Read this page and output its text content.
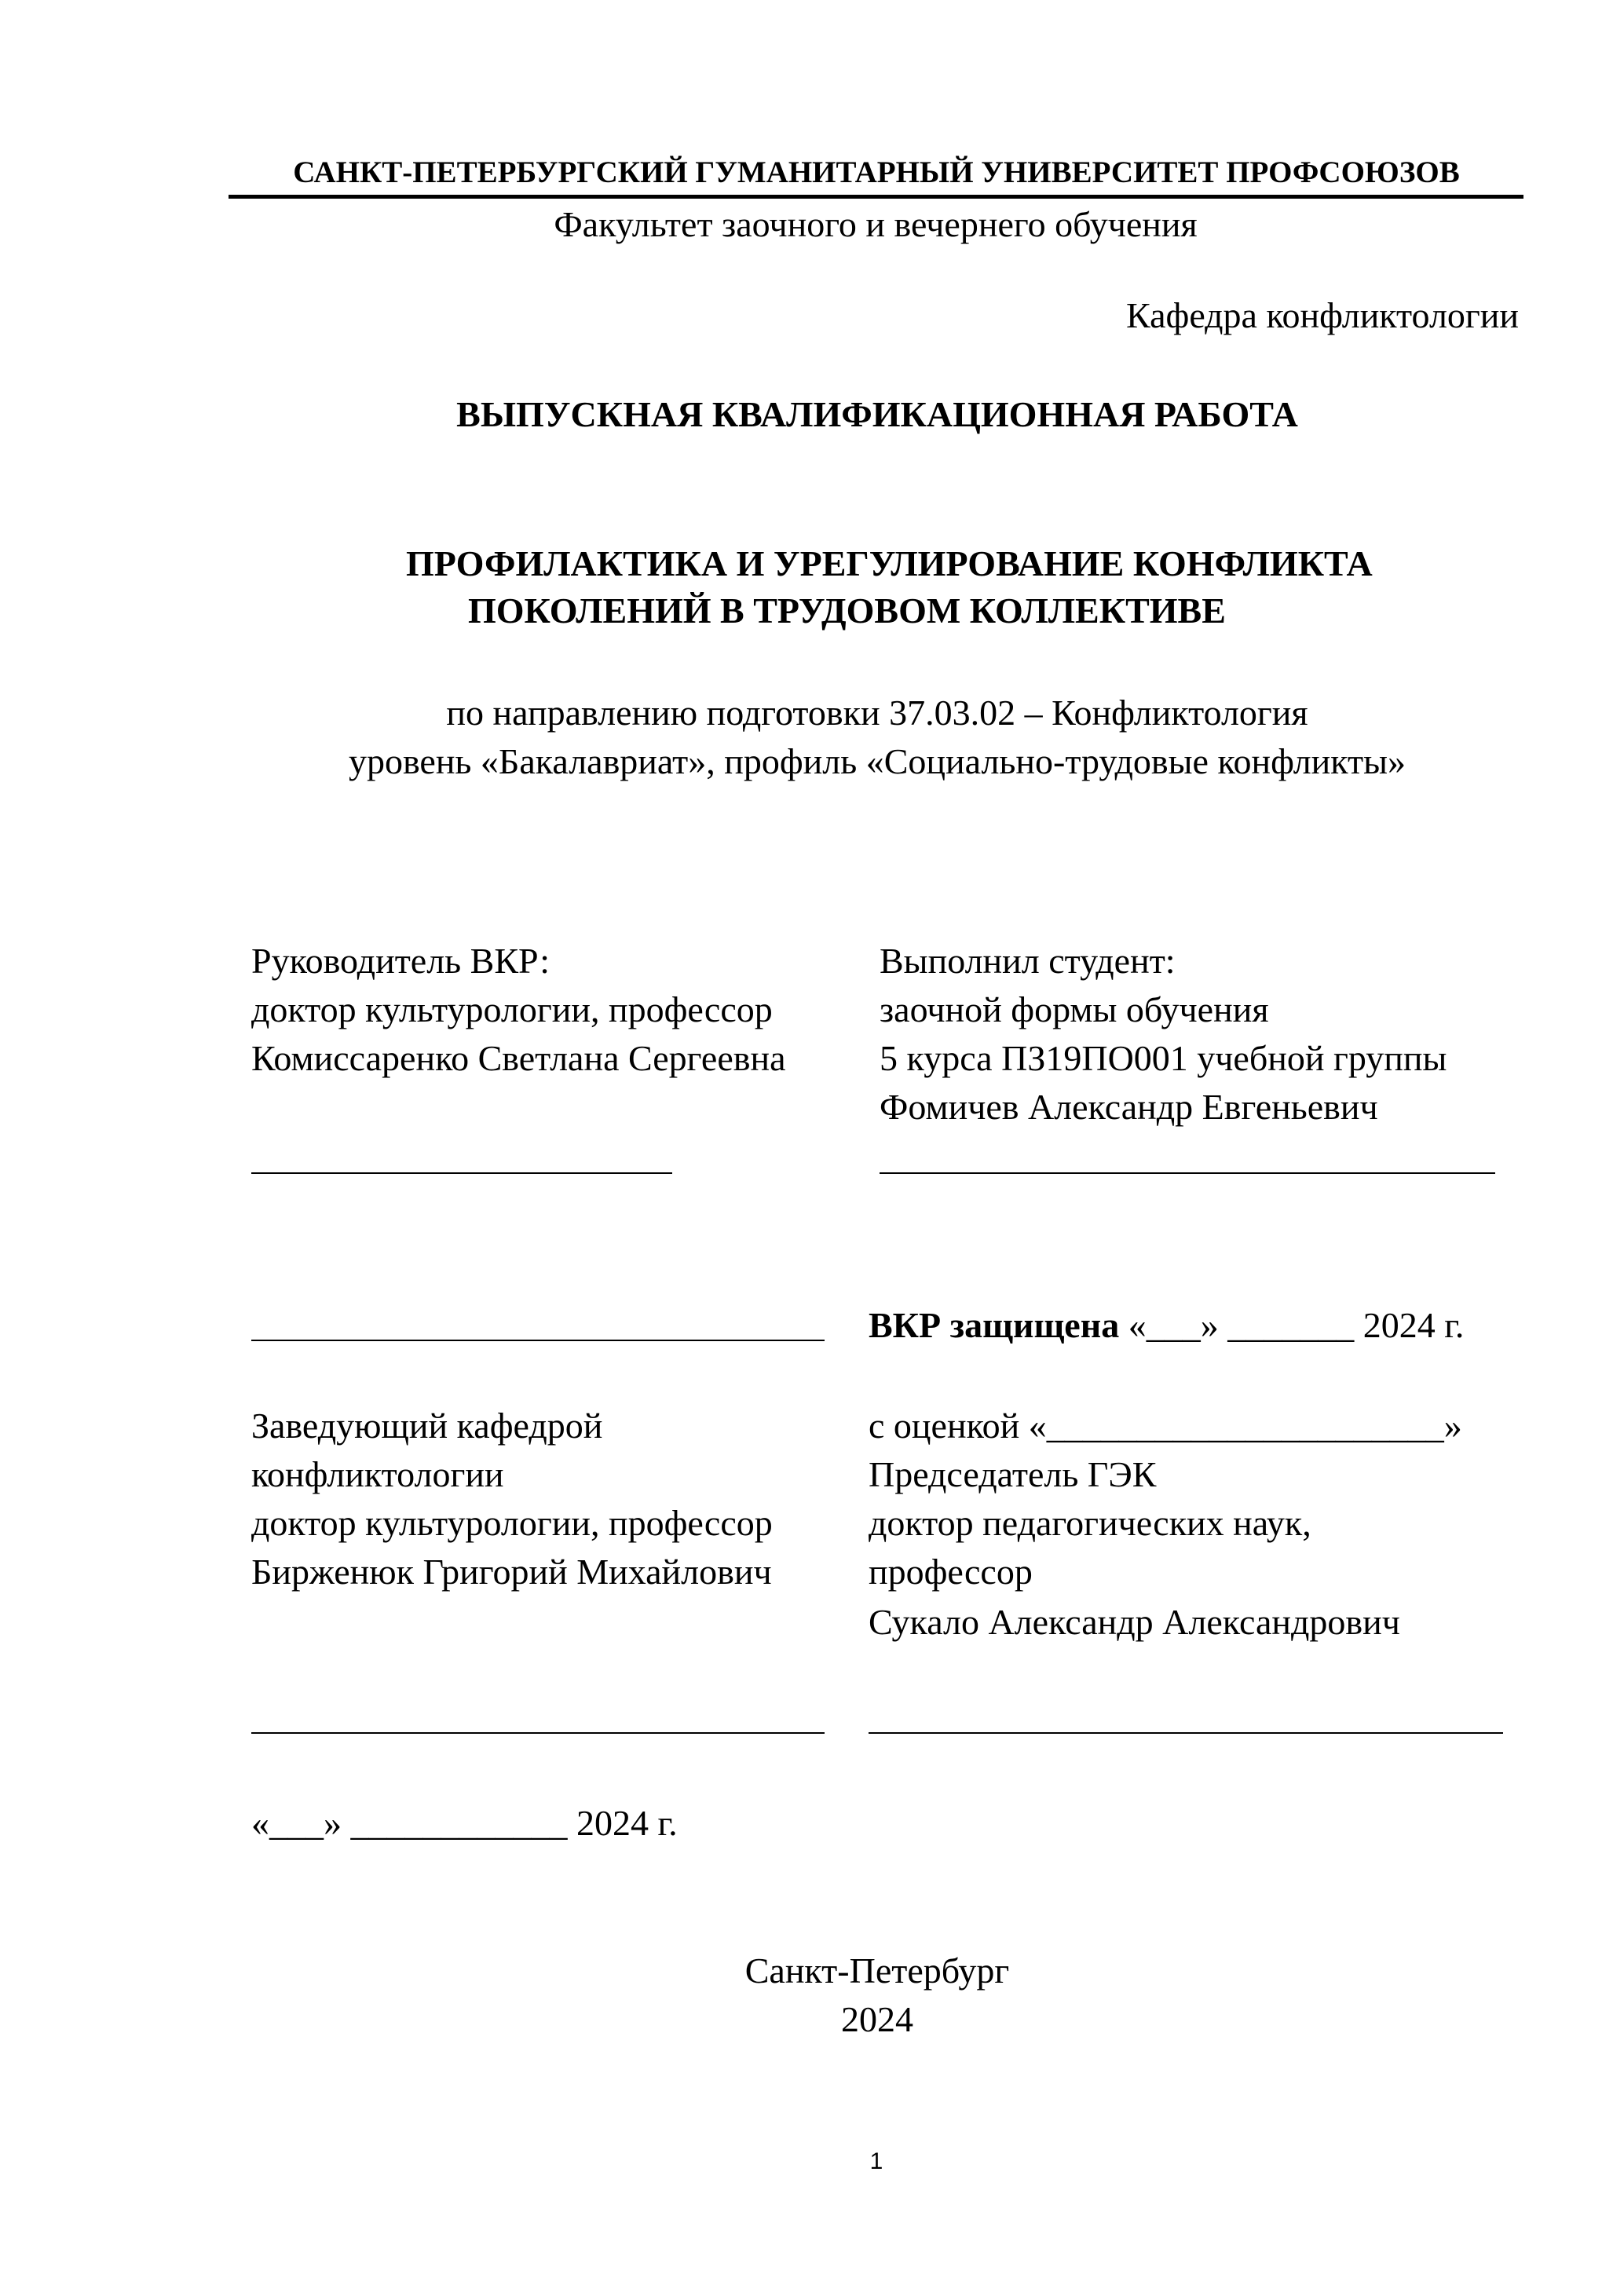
САНКТ-ПЕТЕРБУРГСКИЙ ГУМАНИТАРНЫЙ УНИВЕРСИТЕТ ПРОФСОЮЗОВ
Факультет заочного и вечернего обучения
Кафедра конфликтологии
ВЫПУСКНАЯ КВАЛИФИКАЦИОННАЯ РАБОТА
ПРОФИЛАКТИКА И УРЕГУЛИРОВАНИЕ КОНФЛИКТА
ПОКОЛЕНИЙ В ТРУДОВОМ КОЛЛЕКТИВЕ
по направлению подготовки 37.03.02 – Конфликтология
уровень «Бакалавриат», профиль «Социально-трудовые конфликты»
Руководитель ВКР:
доктор культурологии, профессор
Комиссаренко Светлана Сергеевна
Выполнил студент:
заочной формы обучения
5 курса ПЗ19ПО001 учебной группы
Фомичев Александр Евгеньевич
ВКР защищена «___» _______ 2024 г.
Заведующий кафедрой
конфликтологии
доктор культурологии, профессор
Бирженюк Григорий Михайлович
с оценкой «______________________»
Председатель ГЭК
доктор педагогических наук,
профессор
Сукало Александр Александрович
«___» ____________ 2024 г.
Санкт-Петербург
2024
1
